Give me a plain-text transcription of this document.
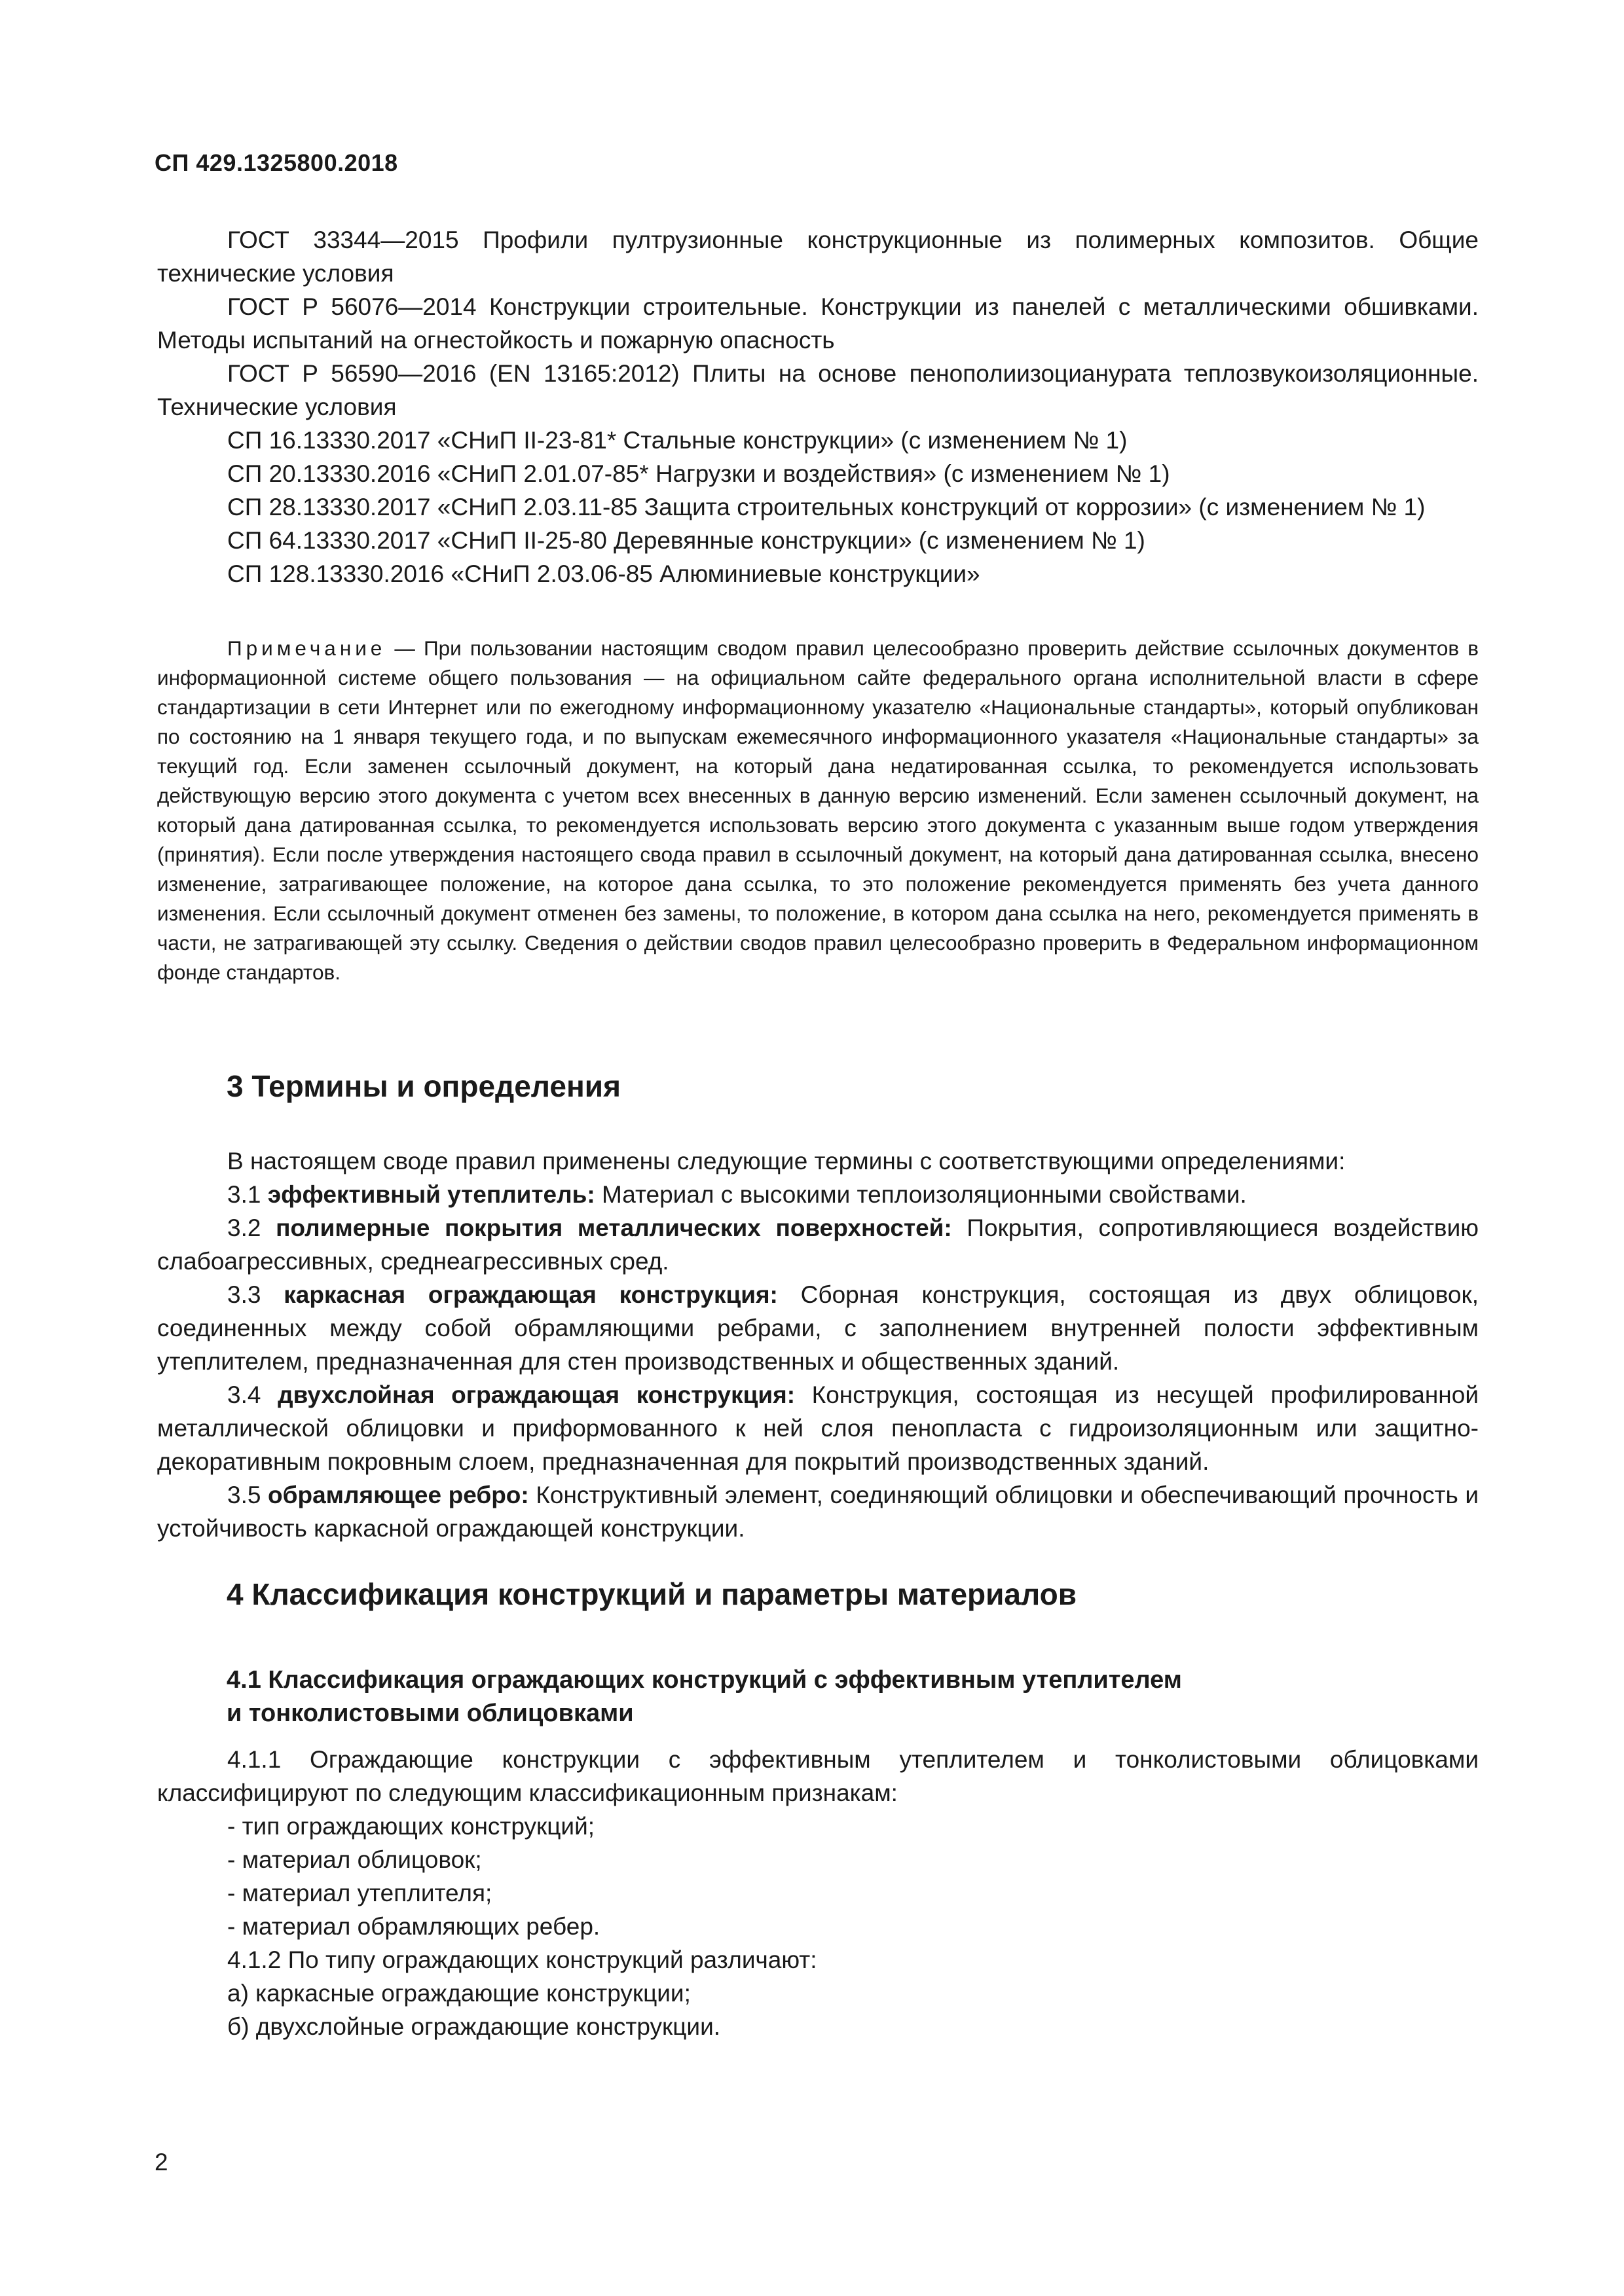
СП 429.1325800.2018

ГОСТ 33344—2015 Профили пултрузионные конструкционные из полимерных композитов. Общие технические условия

ГОСТ Р 56076—2014 Конструкции строительные. Конструкции из панелей с металлическими обшивками. Методы испытаний на огнестойкость и пожарную опасность

ГОСТ Р 56590—2016 (EN 13165:2012) Плиты на основе пенополиизоцианурата теплозвукоизоляционные. Технические условия

СП 16.13330.2017 «СНиП II-23-81* Стальные конструкции» (с изменением № 1)

СП 20.13330.2016 «СНиП 2.01.07-85* Нагрузки и воздействия» (с изменением № 1)

СП 28.13330.2017 «СНиП 2.03.11-85 Защита строительных конструкций от коррозии» (с изменением № 1)

СП 64.13330.2017 «СНиП II-25-80 Деревянные конструкции» (с изменением № 1)

СП 128.13330.2016 «СНиП 2.03.06-85 Алюминиевые конструкции»

Примечание — При пользовании настоящим сводом правил целесообразно проверить действие ссылочных документов в информационной системе общего пользования — на официальном сайте федерального органа исполнительной власти в сфере стандартизации в сети Интернет или по ежегодному информационному указателю «Национальные стандарты», который опубликован по состоянию на 1 января текущего года, и по выпускам ежемесячного информационного указателя «Национальные стандарты» за текущий год. Если заменен ссылочный документ, на который дана недатированная ссылка, то рекомендуется использовать действующую версию этого документа с учетом всех внесенных в данную версию изменений. Если заменен ссылочный документ, на который дана датированная ссылка, то рекомендуется использовать версию этого документа с указанным выше годом утверждения (принятия). Если после утверждения настоящего свода правил в ссылочный документ, на который дана датированная ссылка, внесено изменение, затрагивающее положение, на которое дана ссылка, то это положение рекомендуется применять без учета данного изменения. Если ссылочный документ отменен без замены, то положение, в котором дана ссылка на него, рекомендуется применять в части, не затрагивающей эту ссылку. Сведения о действии сводов правил целесообразно проверить в Федеральном информационном фонде стандартов.

3 Термины и определения

В настоящем своде правил применены следующие термины с соответствующими определениями:

3.1 эффективный утеплитель: Материал с высокими теплоизоляционными свойствами.

3.2 полимерные покрытия металлических поверхностей: Покрытия, сопротивляющиеся воздействию слабоагрессивных, среднеагрессивных сред.

3.3 каркасная ограждающая конструкция: Сборная конструкция, состоящая из двух облицовок, соединенных между собой обрамляющими ребрами, с заполнением внутренней полости эффективным утеплителем, предназначенная для стен производственных и общественных зданий.

3.4 двухслойная ограждающая конструкция: Конструкция, состоящая из несущей профилированной металлической облицовки и приформованного к ней слоя пенопласта с гидроизоляционным или защитно-декоративным покровным слоем, предназначенная для покрытий производственных зданий.

3.5 обрамляющее ребро: Конструктивный элемент, соединяющий облицовки и обеспечивающий прочность и устойчивость каркасной ограждающей конструкции.

4 Классификация конструкций и параметры материалов
4.1 Классификация ограждающих конструкций с эффективным утеплителем
и тонколистовыми облицовками

4.1.1 Ограждающие конструкции с эффективным утеплителем и тонколистовыми облицовками классифицируют по следующим классификационным признакам:

- тип ограждающих конструкций;

- материал облицовок;

- материал утеплителя;

- материал обрамляющих ребер.

4.1.2 По типу ограждающих конструкций различают:

а) каркасные ограждающие конструкции;

б) двухслойные ограждающие конструкции.

2
